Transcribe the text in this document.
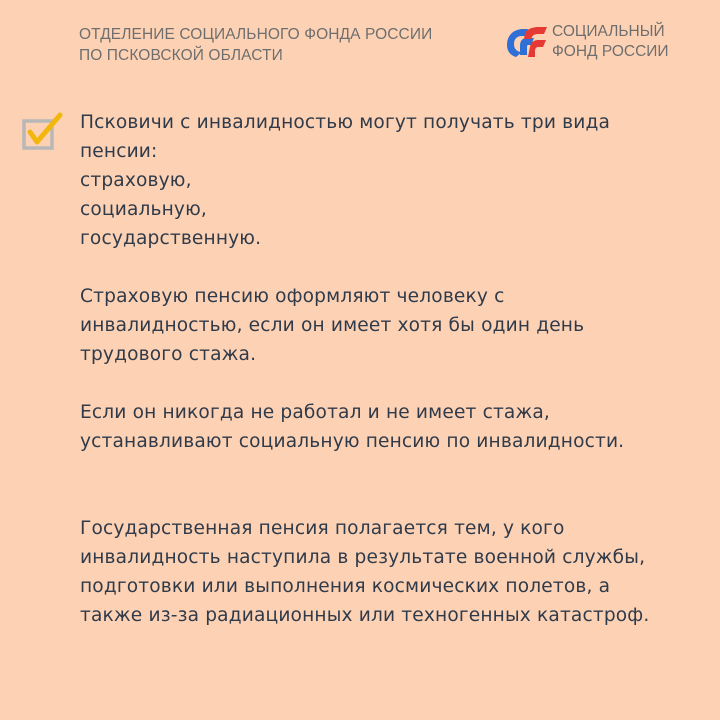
ОТДЕЛЕНИЕ СОЦИАЛЬНОГО ФОНДА РОССИИ
ПО ПСКОВСКОЙ ОБЛАСТИ
СОЦИАЛЬНЫЙ
ФОНД РОССИИ

Псковичи с инвалидностью могут получать три вида
пенсии:
страховую,
социальную,
государственную.

Страховую пенсию оформляют человеку с
инвалидностью, если он имеет хотя бы один день
трудового стажа.

Если он никогда не работал и не имеет стажа,
устанавливают социальную пенсию по инвалидности.

Государственная пенсия полагается тем, у кого
инвалидность наступила в результате военной службы,
подготовки или выполнения космических полетов, а
также из-за радиационных или техногенных катастроф.
